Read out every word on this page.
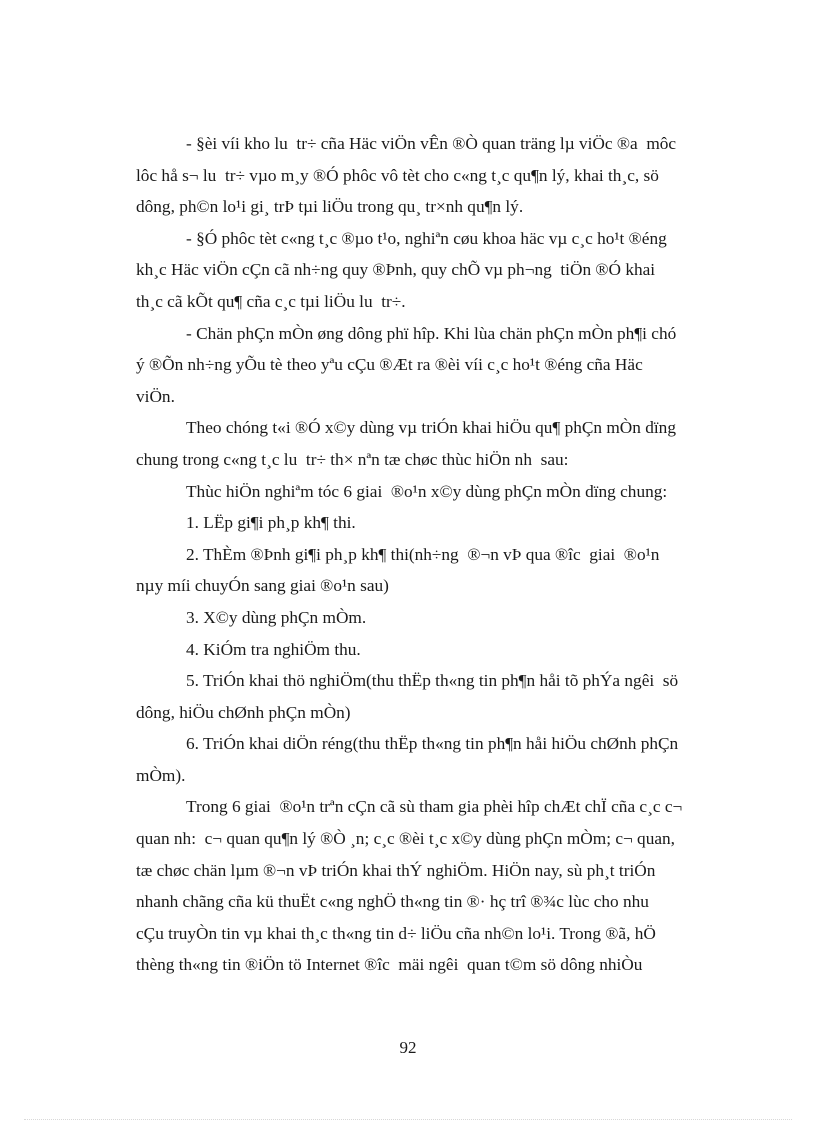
- §èi víi kho lu  tr÷ cña Häc viÖn vÊn ®Ò quan träng lµ viÖc ®a  môc
lôc hå s¬ lu  tr÷ vµo m¸y ®Ó phôc vô tèt cho c«ng t¸c qu¶n lý, khai th¸c, sö
dông, ph©n lo¹i gi¸ trÞ tµi liÖu trong qu¸ tr×nh qu¶n lý.
- §Ó phôc tèt c«ng t¸c ®µo t¹o, nghiªn cøu khoa häc vµ c¸c ho¹t ®éng
kh¸c Häc viÖn cÇn cã nh÷ng quy ®Þnh, quy chÕ vµ ph¬ng  tiÖn ®Ó khai
th¸c cã kÕt qu¶ cña c¸c tµi liÖu lu  tr÷.
- Chän phÇn mÒn øng dông phï hîp. Khi lùa chän phÇn mÒn ph¶i chó
ý ®Õn nh÷ng yÕu tè theo yªu cÇu ®Æt ra ®èi víi c¸c ho¹t ®éng cña Häc
viÖn.
Theo chóng t«i ®Ó x©y dùng vµ triÓn khai hiÖu qu¶ phÇn mÒn dïng
chung trong c«ng t¸c lu  tr÷ th× nªn tæ chøc thùc hiÖn nh  sau:
Thùc hiÖn nghiªm tóc 6 giai  ®o¹n x©y dùng phÇn mÒn dïng chung:
1. LËp gi¶i ph¸p kh¶ thi.
2. ThÈm ®Þnh gi¶i ph¸p kh¶ thi(nh÷ng  ®¬n vÞ qua ®îc  giai  ®o¹n
nµy míi chuyÓn sang giai ®o¹n sau)
3. X©y dùng phÇn mÒm.
4. KiÓm tra nghiÖm thu.
5. TriÓn khai thö nghiÖm(thu thËp th«ng tin ph¶n håi tõ phÝa ngêi  sö
dông, hiÖu chØnh phÇn mÒn)
6. TriÓn khai diÖn réng(thu thËp th«ng tin ph¶n håi hiÖu chØnh phÇn
mÒm).
Trong 6 giai  ®o¹n trªn cÇn cã sù tham gia phèi hîp chÆt chÏ cña c¸c c¬
quan nh:  c¬ quan qu¶n lý ®Ò ¸n; c¸c ®èi t¸c x©y dùng phÇn mÒm; c¬ quan,
tæ chøc chän lµm ®¬n vÞ triÓn khai thÝ nghiÖm. HiÖn nay, sù ph¸t triÓn
nhanh chãng cña kü thuËt c«ng nghÖ th«ng tin ®· hç trî ®¾c lùc cho nhu
cÇu truyÒn tin vµ khai th¸c th«ng tin d÷ liÖu cña nh©n lo¹i. Trong ®ã, hÖ
thèng th«ng tin ®iÖn tö Internet ®îc  mäi ngêi  quan t©m sö dông nhiÒu

92
